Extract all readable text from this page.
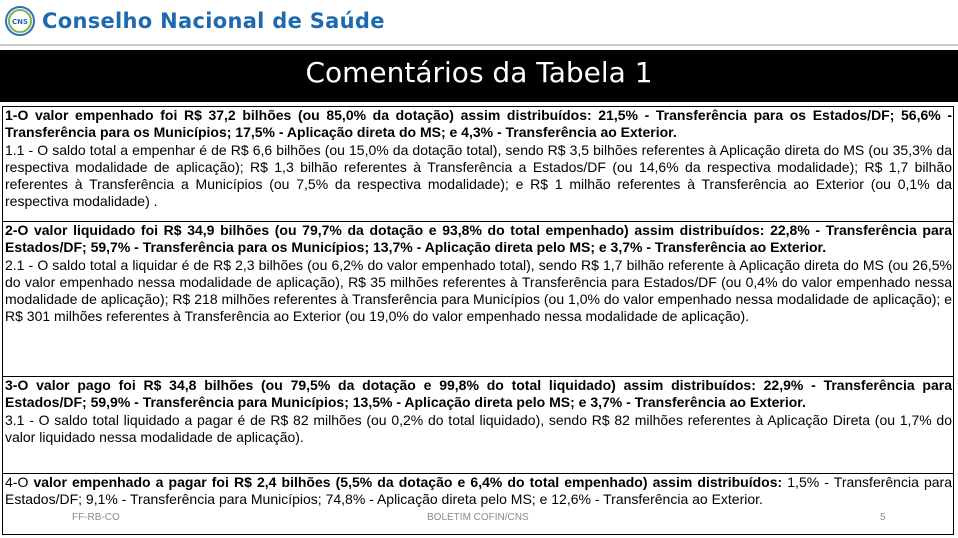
CNS Conselho Nacional de Saúde
Comentários da Tabela 1

1-O valor empenhado foi R$ 37,2 bilhões (ou 85,0% da dotação) assim distribuídos: 21,5% - Transferência para os Estados/DF; 56,6% - Transferência para os Municípios; 17,5% - Aplicação direta do MS; e 4,3% - Transferência ao Exterior.

1.1 - O saldo total a empenhar é de R$ 6,6 bilhões (ou 15,0% da dotação total), sendo R$ 3,5 bilhões referentes à Aplicação direta do MS (ou 35,3% da respectiva modalidade de aplicação); R$ 1,3 bilhão referentes à Transferência a Estados/DF (ou 14,6% da respectiva modalidade); R$ 1,7 bilhão referentes à Transferência a Municípios (ou 7,5% da respectiva modalidade); e R$ 1 milhão referentes à Transferência ao Exterior (ou 0,1% da respectiva modalidade) .

2-O valor liquidado foi R$ 34,9 bilhões (ou 79,7% da dotação e 93,8% do total empenhado) assim distribuídos: 22,8% - Transferência para Estados/DF; 59,7% - Transferência para os Municípios; 13,7% - Aplicação direta pelo MS; e 3,7% - Transferência ao Exterior.

2.1 - O saldo total a liquidar é de R$ 2,3 bilhões (ou 6,2% do valor empenhado total), sendo R$ 1,7 bilhão referente à Aplicação direta do MS (ou 26,5% do valor empenhado nessa modalidade de aplicação), R$ 35 milhões referentes à Transferência para Estados/DF (ou 0,4% do valor empenhado nessa modalidade de aplicação); R$ 218 milhões referentes à Transferência para Municípios (ou 1,0% do valor empenhado nessa modalidade de aplicação); e R$ 301 milhões referentes à Transferência ao Exterior (ou 19,0% do valor empenhado nessa modalidade de aplicação).

3-O valor pago foi R$ 34,8 bilhões (ou 79,5% da dotação e 99,8% do total liquidado) assim distribuídos: 22,9% - Transferência para Estados/DF; 59,9% - Transferência para Municípios; 13,5% - Aplicação direta pelo MS; e 3,7% - Transferência ao Exterior.

3.1 - O saldo total liquidado a pagar é de R$ 82 milhões (ou 0,2% do total liquidado), sendo R$ 82 milhões referentes à Aplicação Direta (ou 1,7% do valor liquidado nessa modalidade de aplicação).

4-O valor empenhado a pagar foi R$ 2,4 bilhões (5,5% da dotação e 6,4% do total empenhado) assim distribuídos: 1,5% - Transferência para Estados/DF; 9,1% - Transferência para Municípios; 74,8% - Aplicação direta pelo MS; e 12,6% - Transferência ao Exterior.

FF-RB-CO	BOLETIM COFIN/CNS	5
